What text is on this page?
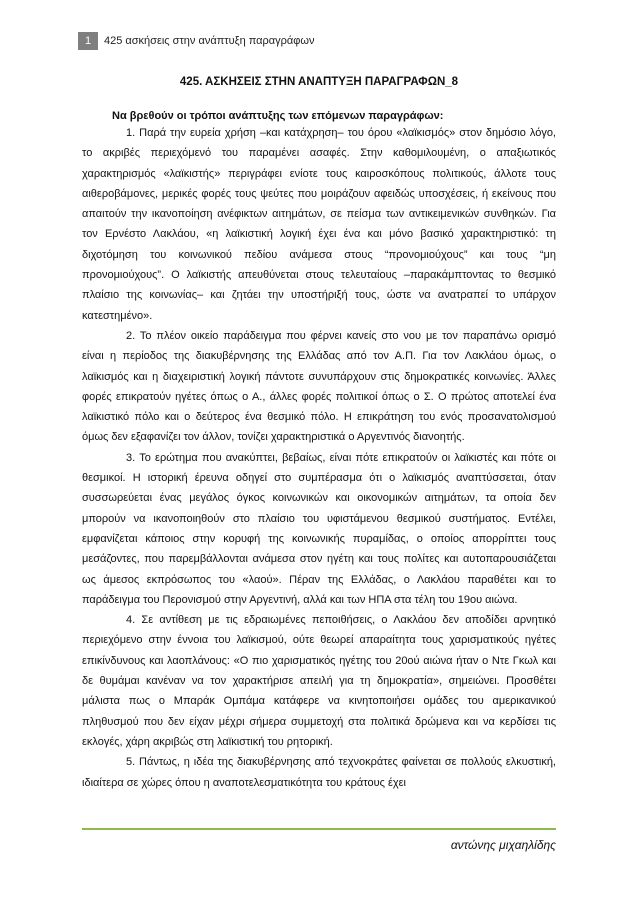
1	425 ασκήσεις στην ανάπτυξη παραγράφων

425. ΑΣΚΗΣΕΙΣ ΣΤΗΝ ΑΝΑΠΤΥΞΗ ΠΑΡΑΓΡΑΦΩΝ_8

Να βρεθούν οι τρόποι ανάπτυξης των επόμενων παραγράφων:

1. Παρά την ευρεία χρήση –και κατάχρηση– του όρου «λαϊκισμός» στον δημόσιο λόγο, το ακριβές περιεχόμενό του παραμένει ασαφές. Στην καθομιλουμένη, ο απαξιωτικός χαρακτηρισμός «λαϊκιστής» περιγράφει ενίοτε τους καιροσκόπους πολιτικούς, άλλοτε τους αιθεροβάμονες, μερικές φορές τους ψεύτες που μοιράζουν αφειδώς υποσχέσεις, ή εκείνους που απαιτούν την ικανοποίηση ανέφικτων αιτημάτων, σε πείσμα των αντικειμενικών συνθηκών. Για τον Ερνέστο Λακλάου, «η λαϊκιστική λογική έχει ένα και μόνο βασικό χαρακτηριστικό: τη διχοτόμηση του κοινωνικού πεδίου ανάμεσα στους “προνομιούχους” και τους “μη προνομιούχους”. Ο λαϊκιστής απευθύνεται στους τελευταίους –παρακάμπτοντας το θεσμικό πλαίσιο της κοινωνίας– και ζητάει την υποστήριξή τους, ώστε να ανατραπεί το υπάρχον κατεστημένο».

2. Το πλέον οικείο παράδειγμα που φέρνει κανείς στο νου με τον παραπάνω ορισμό είναι η περίοδος της διακυβέρνησης της Ελλάδας από τον Α.Π. Για τον Λακλάου όμως, ο λαϊκισμός και η διαχειριστική λογική πάντοτε συνυπάρχουν στις δημοκρατικές κοινωνίες. Άλλες φορές επικρατούν ηγέτες όπως ο Α., άλλες φορές πολιτικοί όπως ο Σ. Ο πρώτος αποτελεί ένα λαϊκιστικό πόλο και ο δεύτερος ένα θεσμικό πόλο. Η επικράτηση του ενός προσανατολισμού όμως δεν εξαφανίζει τον άλλον, τονίζει χαρακτηριστικά ο Αργεντινός διανοητής.

3. Το ερώτημα που ανακύπτει, βεβαίως, είναι πότε επικρατούν οι λαϊκιστές και πότε οι θεσμικοί. Η ιστορική έρευνα οδηγεί στο συμπέρασμα ότι ο λαϊκισμός αναπτύσσεται, όταν συσσωρεύεται ένας μεγάλος όγκος κοινωνικών και οικονομικών αιτημάτων, τα οποία δεν μπορούν να ικανοποιηθούν στο πλαίσιο του υφιστάμενου θεσμικού συστήματος. Εντέλει, εμφανίζεται κάποιος στην κορυφή της κοινωνικής πυραμίδας, ο οποίος απορρίπτει τους μεσάζοντες, που παρεμβάλλονται ανάμεσα στον ηγέτη και τους πολίτες και αυτοπαρουσιάζεται ως άμεσος εκπρόσωπος του «λαού». Πέραν της Ελλάδας, ο Λακλάου παραθέτει και το παράδειγμα του Περονισμού στην Αργεντινή, αλλά και των ΗΠΑ στα τέλη του 19ου αιώνα.

4. Σε αντίθεση με τις εδραιωμένες πεποιθήσεις, ο Λακλάου δεν αποδίδει αρνητικό περιεχόμενο στην έννοια του λαϊκισμού, ούτε θεωρεί απαραίτητα τους χαρισματικούς ηγέτες επικίνδυνους και λαοπλάνους: «Ο πιο χαρισματικός ηγέτης του 20ού αιώνα ήταν ο Ντε Γκωλ και δε θυμάμαι κανέναν να τον χαρακτήρισε απειλή για τη δημοκρατία», σημειώνει. Προσθέτει μάλιστα πως ο Μπαράκ Ομπάμα κατάφερε να κινητοποιήσει ομάδες του αμερικανικού πληθυσμού που δεν είχαν μέχρι σήμερα συμμετοχή στα πολιτικά δρώμενα και να κερδίσει τις εκλογές, χάρη ακριβώς στη λαϊκιστική του ρητορική.

5. Πάντως, η ιδέα της διακυβέρνησης από τεχνοκράτες φαίνεται σε πολλούς ελκυστική, ιδιαίτερα σε χώρες όπου η αναποτελεσματικότητα του κράτους έχει

αντώνης μιχαηλίδης
